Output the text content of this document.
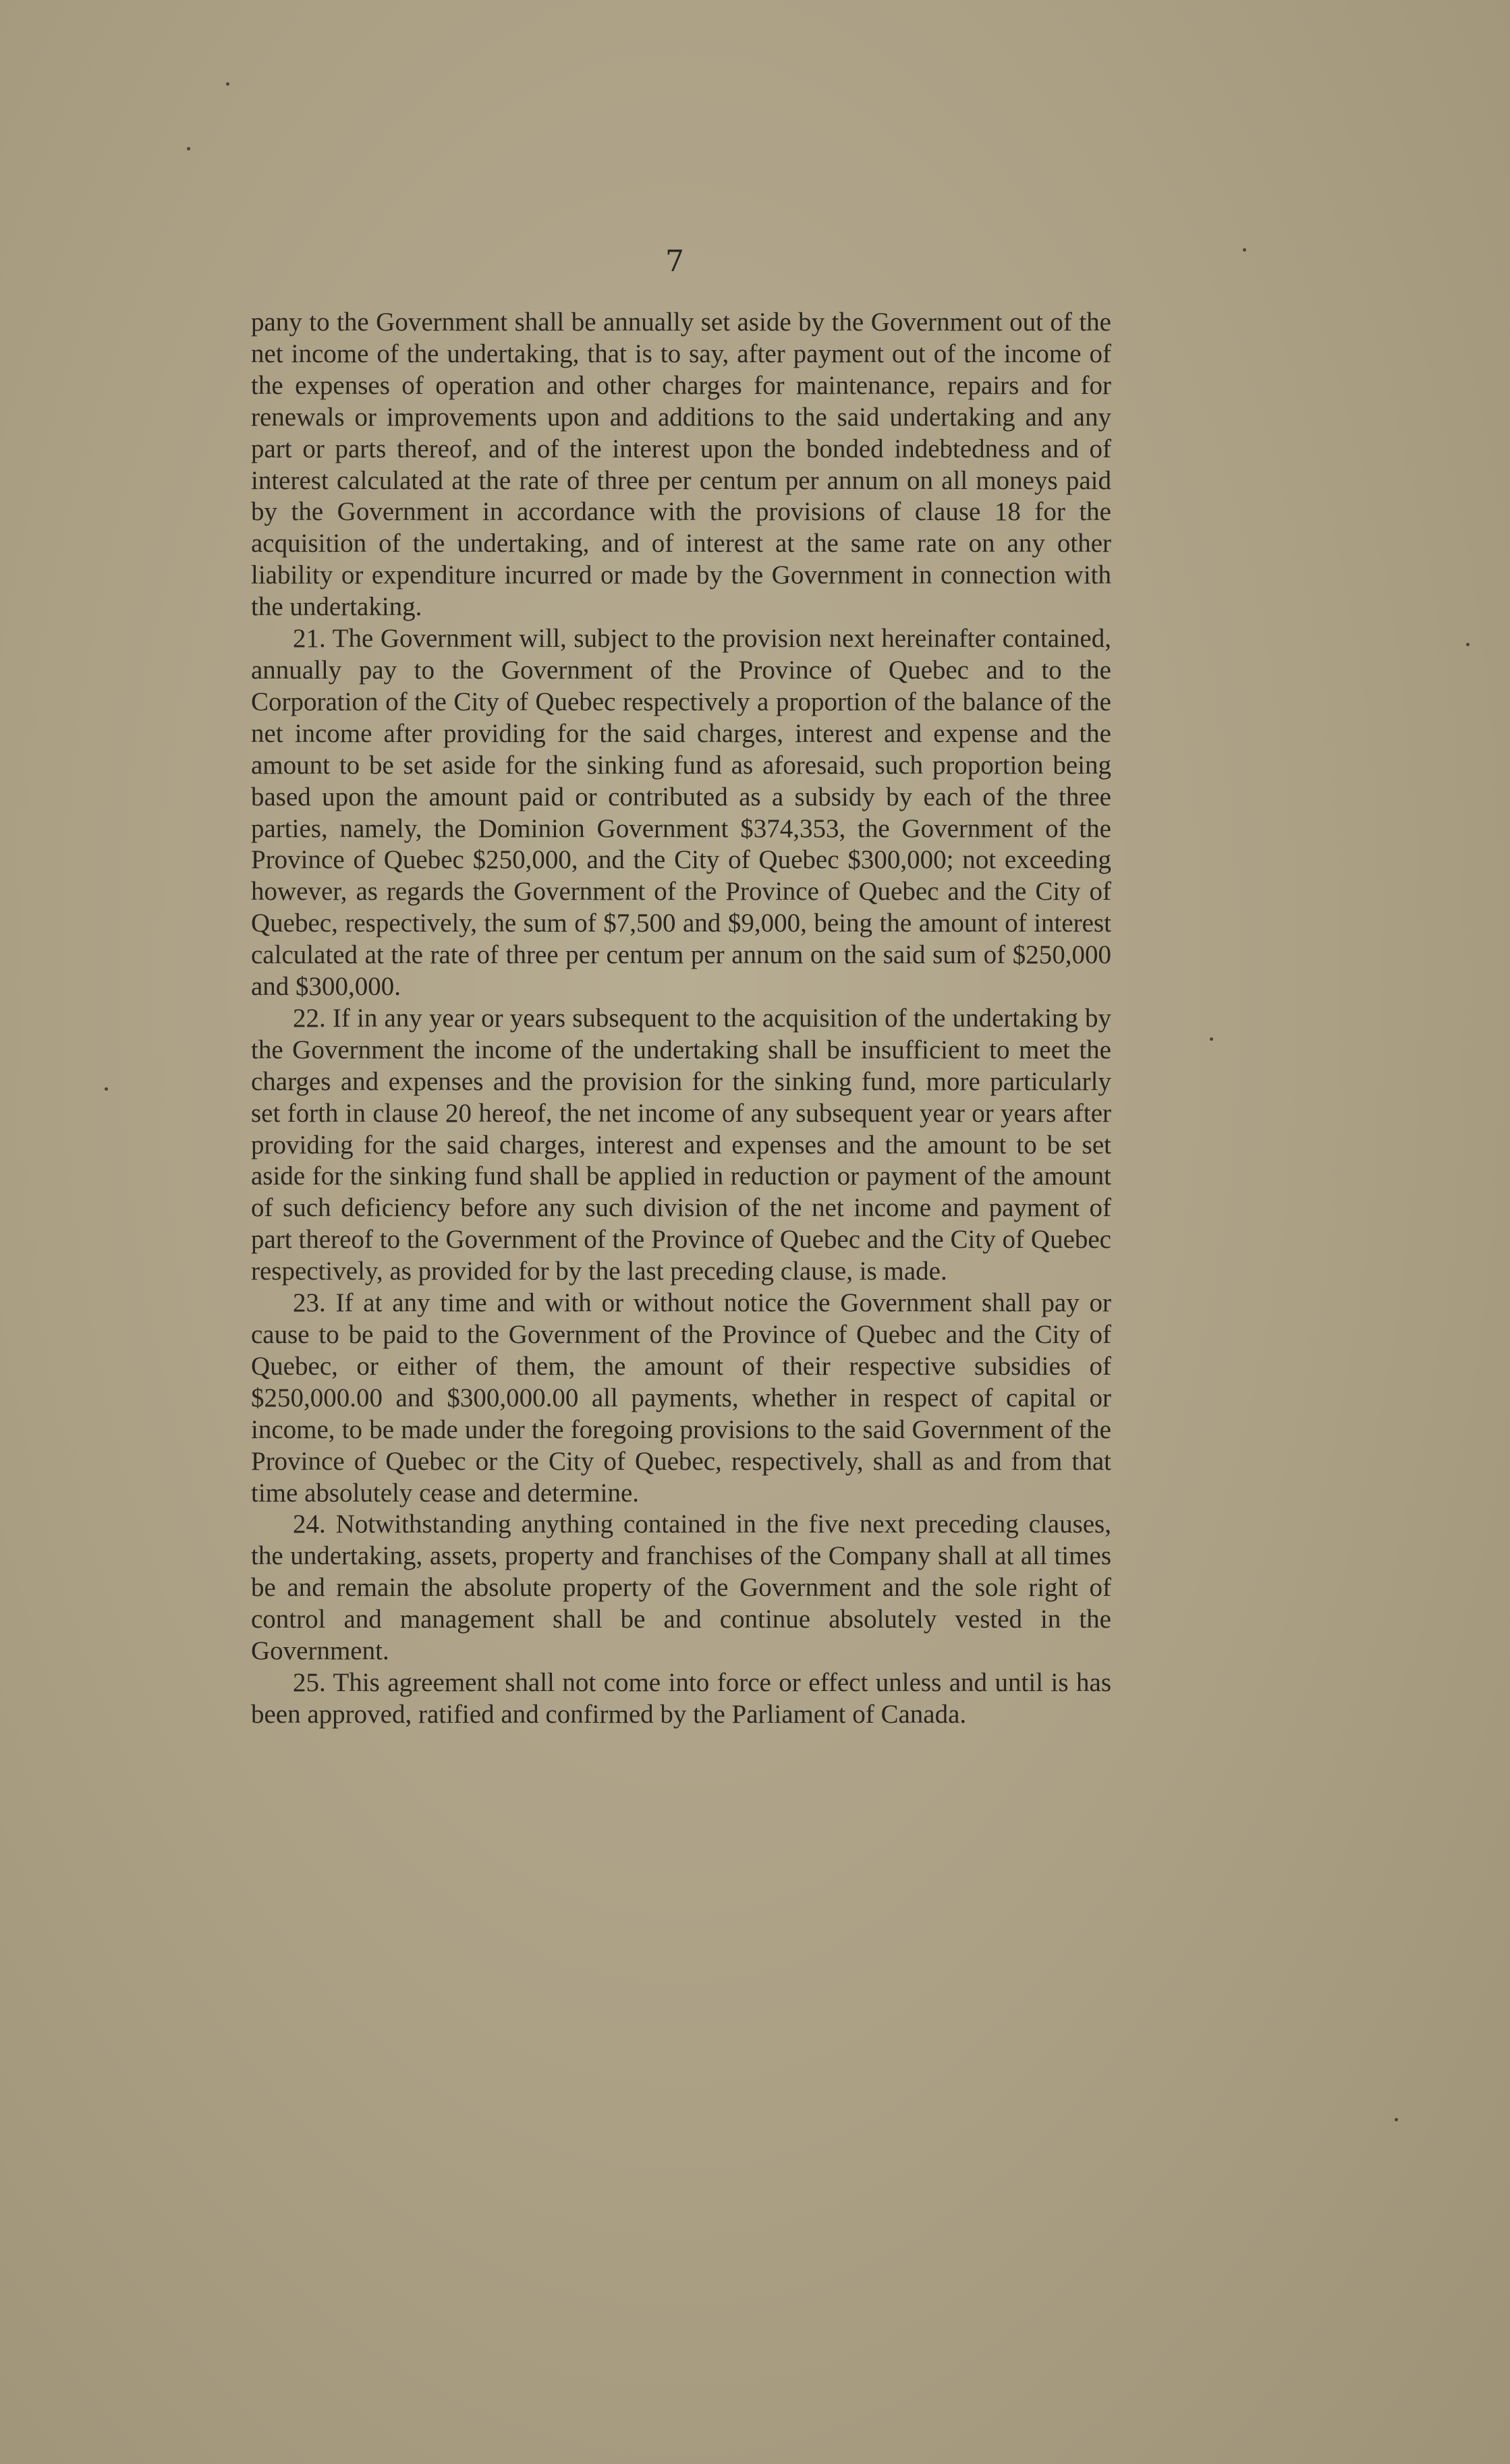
7

pany to the Government shall be annually set aside by the Government out of the net income of the undertaking, that is to say, after payment out of the income of the expenses of operation and other charges for maintenance, repairs and for renewals or improvements upon and additions to the said undertaking and any part or parts thereof, and of the interest upon the bonded indebtedness and of interest calculated at the rate of three per centum per annum on all moneys paid by the Government in accordance with the provisions of clause 18 for the acquisition of the undertaking, and of interest at the same rate on any other liability or expenditure incurred or made by the Government in connection with the undertaking.

21. The Government will, subject to the provision next hereinafter contained, annually pay to the Government of the Province of Quebec and to the Corporation of the City of Quebec respectively a proportion of the balance of the net income after providing for the said charges, interest and expense and the amount to be set aside for the sinking fund as aforesaid, such proportion being based upon the amount paid or contributed as a subsidy by each of the three parties, namely, the Dominion Government $374,353, the Government of the Province of Quebec $250,000, and the City of Quebec $300,000; not exceeding however, as regards the Government of the Province of Quebec and the City of Quebec, respectively, the sum of $7,500 and $9,000, being the amount of interest calculated at the rate of three per centum per annum on the said sum of $250,000 and $300,000.

22. If in any year or years subsequent to the acquisition of the undertaking by the Government the income of the undertaking shall be insufficient to meet the charges and expenses and the provision for the sinking fund, more particularly set forth in clause 20 hereof, the net income of any subsequent year or years after providing for the said charges, interest and expenses and the amount to be set aside for the sinking fund shall be applied in reduction or payment of the amount of such deficiency before any such division of the net income and payment of part thereof to the Government of the Province of Quebec and the City of Quebec respectively, as provided for by the last preceding clause, is made.

23. If at any time and with or without notice the Government shall pay or cause to be paid to the Government of the Province of Quebec and the City of Quebec, or either of them, the amount of their respective subsidies of $250,000.00 and $300,000.00 all payments, whether in respect of capital or income, to be made under the foregoing provisions to the said Government of the Province of Quebec or the City of Quebec, respectively, shall as and from that time absolutely cease and determine.

24. Notwithstanding anything contained in the five next preceding clauses, the undertaking, assets, property and franchises of the Company shall at all times be and remain the absolute property of the Government and the sole right of control and management shall be and continue absolutely vested in the Government.

25. This agreement shall not come into force or effect unless and until is has been approved, ratified and confirmed by the Parliament of Canada.
